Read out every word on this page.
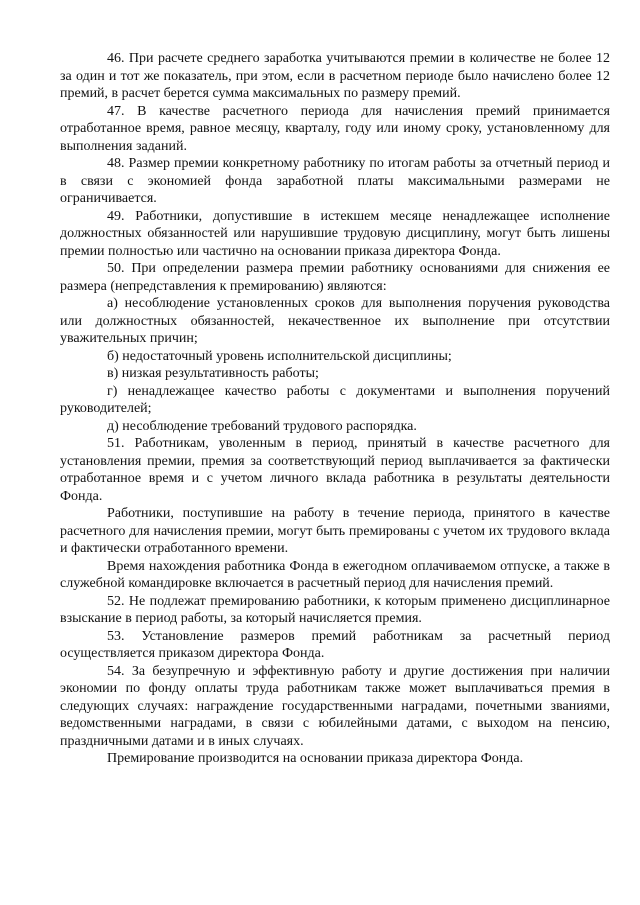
46. При расчете среднего заработка учитываются премии в количестве не более 12 за один и тот же показатель, при этом, если в расчетном периоде было начислено более 12 премий, в расчет берется сумма максимальных по размеру премий.

47. В качестве расчетного периода для начисления премий принимается отработанное время, равное месяцу, кварталу, году или иному сроку, установленному для выполнения заданий.

48. Размер премии конкретному работнику по итогам работы за отчетный период и в связи с экономией фонда заработной платы максимальными размерами не ограничивается.

49. Работники, допустившие в истекшем месяце ненадлежащее исполнение должностных обязанностей или нарушившие трудовую дисциплину, могут быть лишены премии полностью или частично на основании приказа директора Фонда.

50. При определении размера премии работнику основаниями для снижения ее размера (непредставления к премированию) являются:

а) несоблюдение установленных сроков для выполнения поручения руководства или должностных обязанностей, некачественное их выполнение при отсутствии уважительных причин;

б) недостаточный уровень исполнительской дисциплины;

в) низкая результативность работы;

г) ненадлежащее качество работы с документами и выполнения поручений руководителей;

д) несоблюдение требований трудового распорядка.

51. Работникам, уволенным в период, принятый в качестве расчетного для установления премии, премия за соответствующий период выплачивается за фактически отработанное время и с учетом личного вклада работника в результаты деятельности Фонда.

Работники, поступившие на работу в течение периода, принятого в качестве расчетного для начисления премии, могут быть премированы с учетом их трудового вклада и фактически отработанного времени.

Время нахождения работника Фонда в ежегодном оплачиваемом отпуске, а также в служебной командировке включается в расчетный период для начисления премий.

52. Не подлежат премированию работники, к которым применено дисциплинарное взыскание в период работы, за который начисляется премия.

53. Установление размеров премий работникам за расчетный период осуществляется приказом директора Фонда.

54. За безупречную и эффективную работу и другие достижения при наличии экономии по фонду оплаты труда работникам также может выплачиваться премия в следующих случаях: награждение государственными наградами, почетными званиями, ведомственными наградами, в связи с юбилейными датами, с выходом на пенсию, праздничными датами и в иных случаях.

Премирование производится на основании приказа директора Фонда.
